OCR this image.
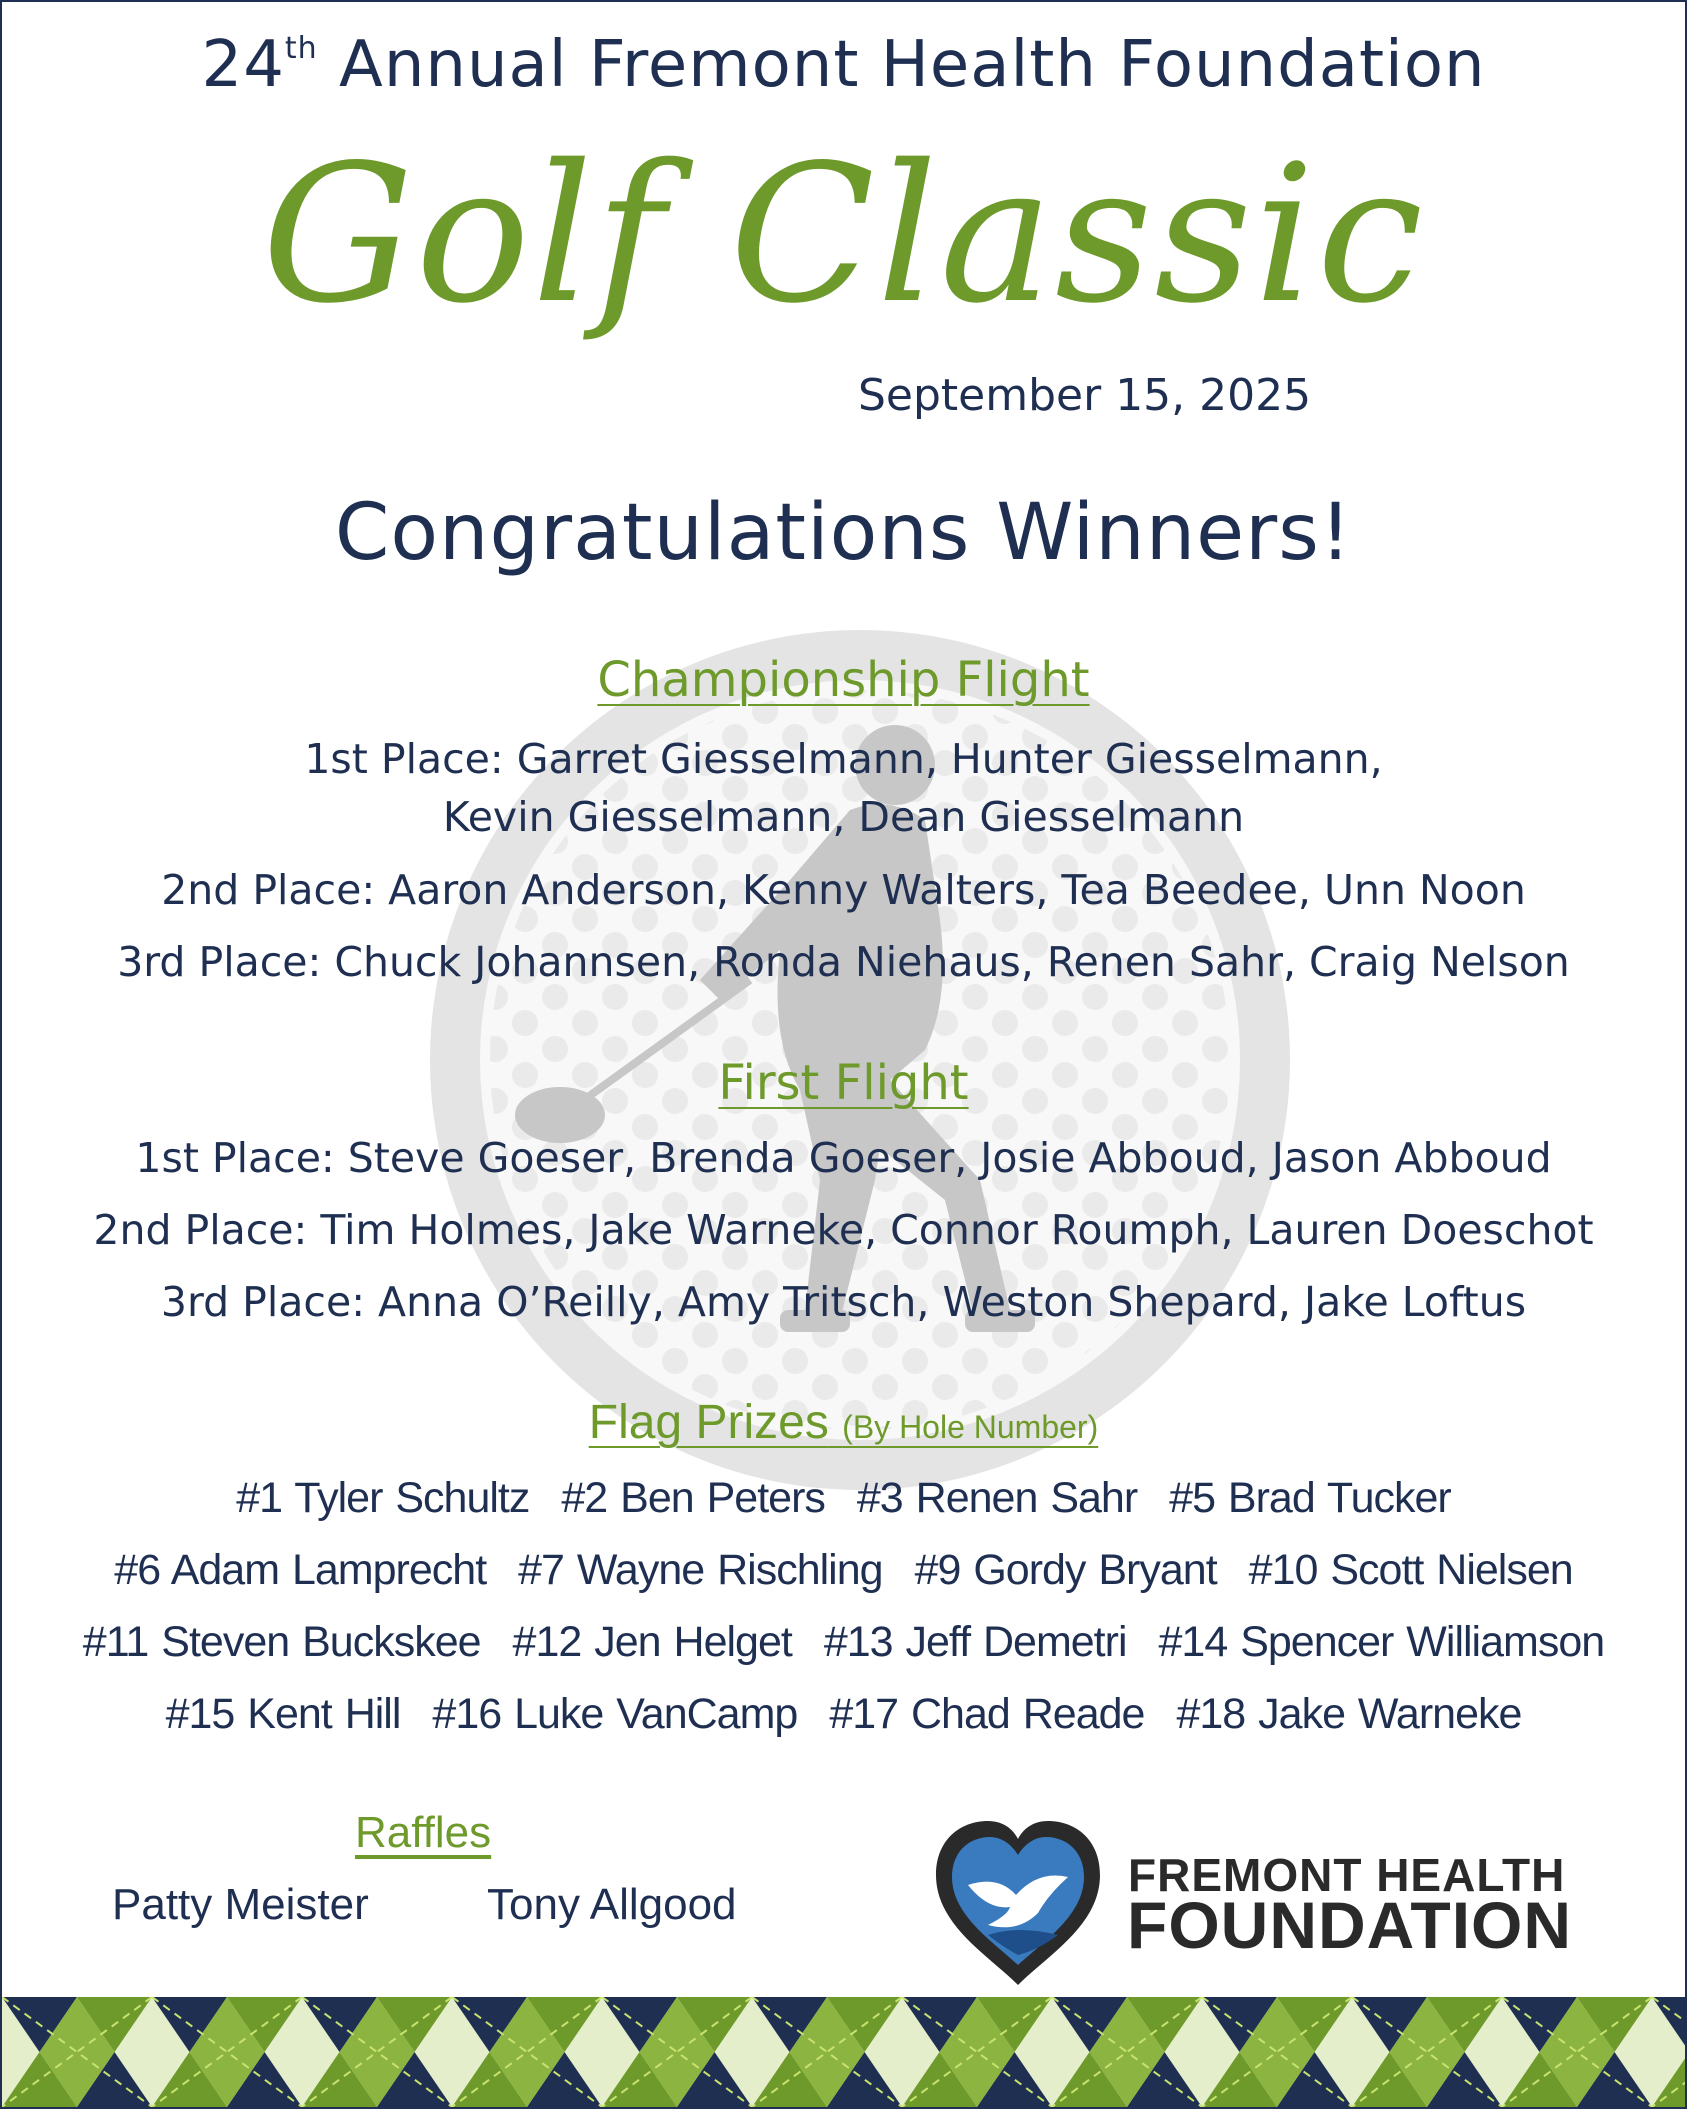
24th Annual Fremont Health Foundation
Golf Classic
September 15, 2025
Congratulations Winners!
Championship Flight
1st Place: Garret Giesselmann, Hunter Giesselmann,
Kevin Giesselmann, Dean Giesselmann
2nd Place: Aaron Anderson, Kenny Walters, Tea Beedee, Unn Noon
3rd Place: Chuck Johannsen, Ronda Niehaus, Renen Sahr, Craig Nelson
First Flight
1st Place: Steve Goeser, Brenda Goeser, Josie Abboud, Jason Abboud
2nd Place: Tim Holmes, Jake Warneke, Connor Roumph, Lauren Doeschot
3rd Place: Anna O’Reilly, Amy Tritsch, Weston Shepard, Jake Loftus
Flag Prizes (By Hole Number)
#1 Tyler Schultz #2 Ben Peters #3 Renen Sahr #5 Brad Tucker
#6 Adam Lamprecht #7 Wayne Rischling #9 Gordy Bryant #10 Scott Nielsen
#11 Steven Buckskee #12 Jen Helget #13 Jeff Demetri #14 Spencer Williamson
#15 Kent Hill #16 Luke VanCamp #17 Chad Reade #18 Jake Warneke
Raffles
Patty Meister	Tony Allgood
FREMONT HEALTH
FOUNDATION
